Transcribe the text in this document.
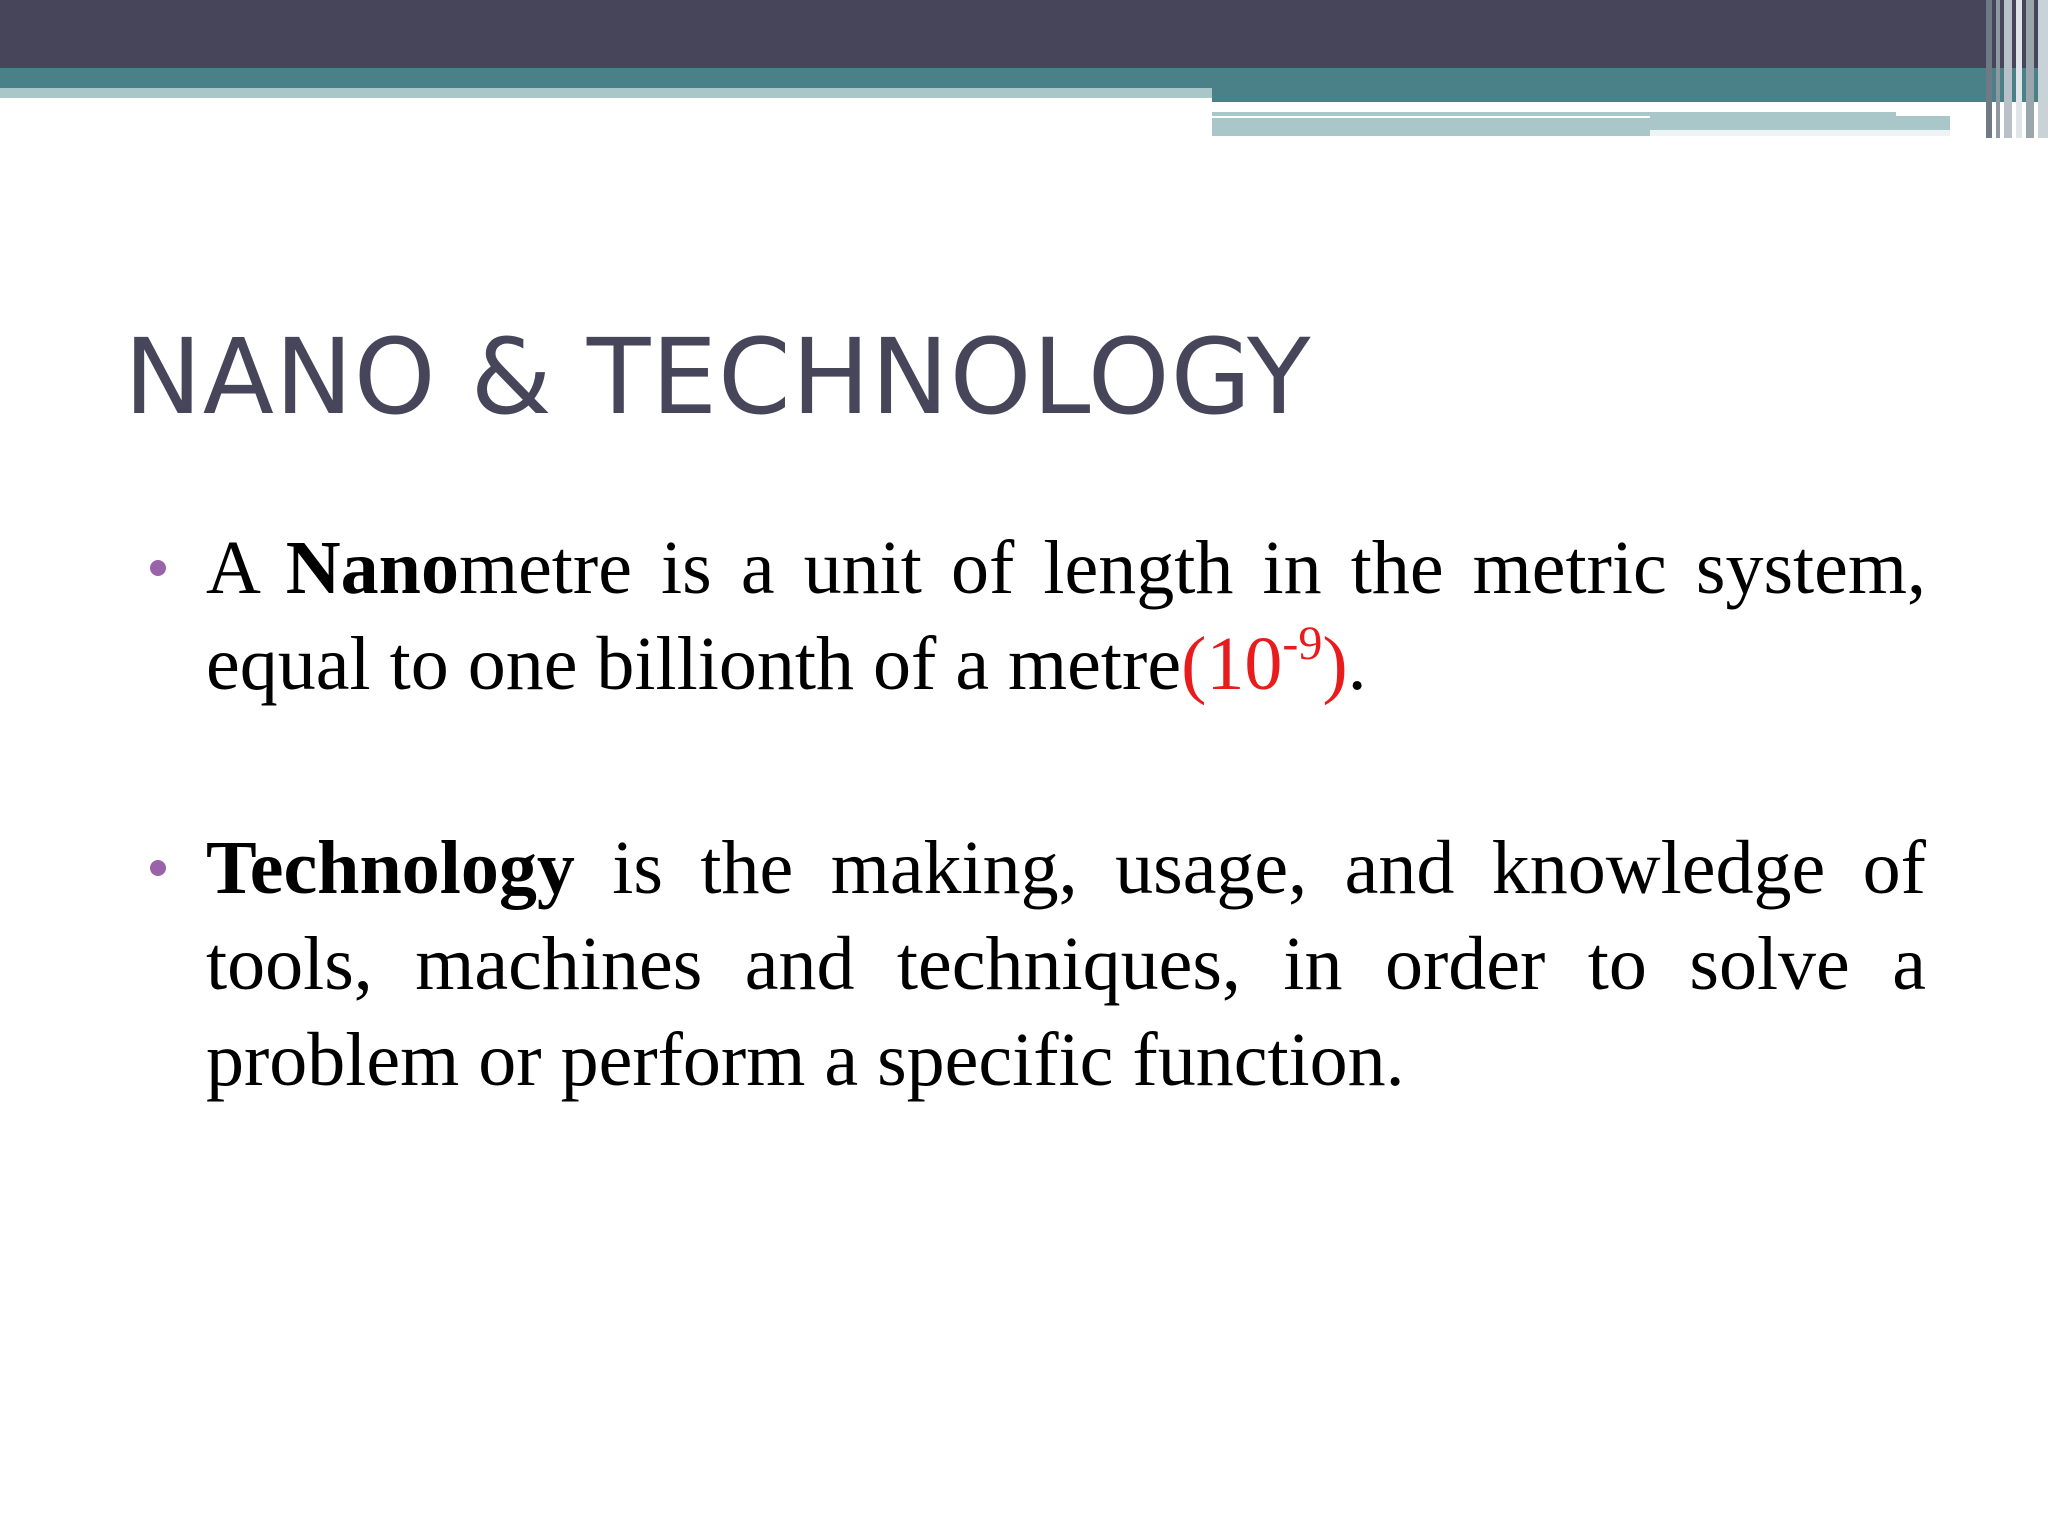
NANO & TECHNOLOGY
A Nanometre is a unit of length in the metric system, equal to one billionth of a $metre(10^{-9})$.
Technology is the making, usage, and knowledge of tools, machines and techniques, in order to solve a problem or perform a specific function.
